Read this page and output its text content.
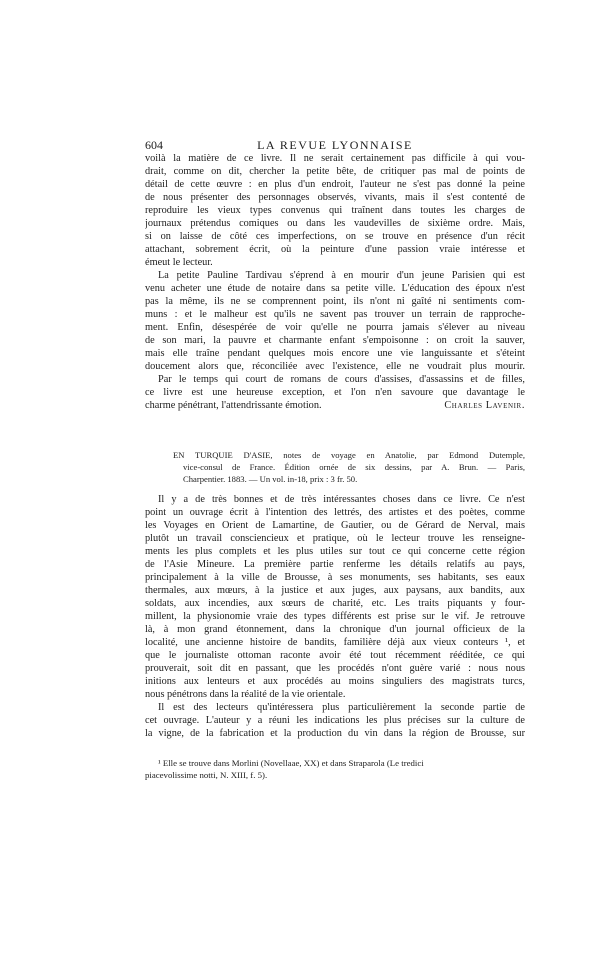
604	LA REVUE LYONNAISE
voilà la matière de ce livre. Il ne serait certainement pas difficile à qui vou-
drait, comme on dit, chercher la petite bête, de critiquer pas mal de points de
détail de cette œuvre : en plus d'un endroit, l'auteur ne s'est pas donné la peine
de nous présenter des personnages observés, vivants, mais il s'est contenté de
reproduire les vieux types convenus qui traînent dans toutes les charges de
journaux prétendus comiques ou dans les vaudevilles de sixième ordre. Mais,
si on laisse de côté ces imperfections, on se trouve en présence d'un récit
attachant, sobrement écrit, où la peinture d'une passion vraie intéresse et
émeut le lecteur.
La petite Pauline Tardivau s'éprend à en mourir d'un jeune Parisien qui est
venu acheter une étude de notaire dans sa petite ville. L'éducation des époux n'est
pas la même, ils ne se comprennent point, ils n'ont ni gaîté ni sentiments com-
muns : et le malheur est qu'ils ne savent pas trouver un terrain de rapproche-
ment. Enfin, désespérée de voir qu'elle ne pourra jamais s'élever au niveau
de son mari, la pauvre et charmante enfant s'empoisonne : on croit la sauver,
mais elle traîne pendant quelques mois encore une vie languissante et s'éteint
doucement alors que, réconciliée avec l'existence, elle ne voudrait plus mourir.
Par le temps qui court de romans de cours d'assises, d'assassins et de filles,
ce livre est une heureuse exception, et l'on n'en savoure que davantage le
charme pénétrant, l'attendrissante émotion.	Charles Lavenir.
EN TURQUIE D'ASIE, notes de voyage en Anatolie, par Edmond Dutemple,
vice-consul de France. Édition ornée de six dessins, par A. Brun. — Paris,
Charpentier. 1883. — Un vol. in-18, prix : 3 fr. 50.
Il y a de très bonnes et de très intéressantes choses dans ce livre. Ce n'est
point un ouvrage écrit à l'intention des lettrés, des artistes et des poètes, comme
les Voyages en Orient de Lamartine, de Gautier, ou de Gérard de Nerval, mais
plutôt un travail consciencieux et pratique, où le lecteur trouve les renseigne-
ments les plus complets et les plus utiles sur tout ce qui concerne cette région
de l'Asie Mineure. La première partie renferme les détails relatifs au pays,
principalement à la ville de Brousse, à ses monuments, ses habitants, ses eaux
thermales, aux mœurs, à la justice et aux juges, aux paysans, aux bandits, aux
soldats, aux incendies, aux sœurs de charité, etc. Les traits piquants y four-
millent, la physionomie vraie des types différents est prise sur le vif. Je retrouve
là, à mon grand étonnement, dans la chronique d'un journal officieux de la
localité, une ancienne histoire de bandits, familière déjà aux vieux conteurs ¹, et
que le journaliste ottoman raconte avoir été tout récemment rééditée, ce qui
prouverait, soit dit en passant, que les procédés n'ont guère varié : nous nous
initions aux lenteurs et aux procédés au moins singuliers des magistrats turcs,
nous pénétrons dans la réalité de la vie orientale.
Il est des lecteurs qu'intéressera plus particulièrement la seconde partie de
cet ouvrage. L'auteur y a réuni les indications les plus précises sur la culture de
la vigne, de la fabrication et la production du vin dans la région de Brousse, sur
¹ Elle se trouve dans Morlini (Novellaae, XX) et dans Straparola (Le tredici
piacevolissime notti, N. XIII, f. 5).
